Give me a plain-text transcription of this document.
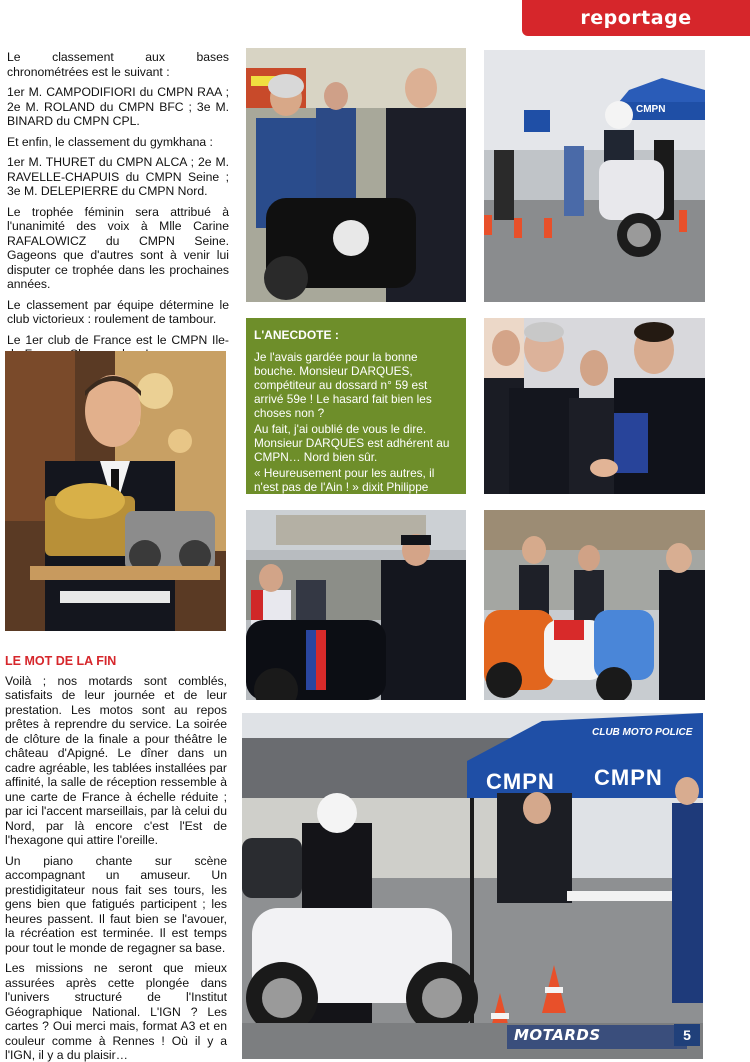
reportage

Le classement aux bases chronométrées est le suivant :

1er M. CAMPODIFIORI du CMPN RAA ; 2e M. ROLAND du CMPN BFC ; 3e M. BINARD du CMPN CPL.

Et enfin, le classement du gymkhana :

1er M. THURET du CMPN ALCA ; 2e M. RAVELLE-CHAPUIS du CMPN Seine ; 3e M. DELEPIERRE du CMPN Nord.

Le trophée féminin sera attribué à l'unanimité des voix à Mlle Carine RAFALOWICZ du CMPN Seine. Gageons que d'autres sont à venir lui disputer ce trophée dans les prochaines années.

Le classement par équipe détermine le club victorieux : roulement de tambour.

Le 1er club de France est le CMPN Ile-

LE MOT DE LA FIN

Voilà ; nos motards sont comblés, satisfaits de leur journée et de leur prestation. Les motos sont au repos prêtes à reprendre du service. La soirée de clôture de la finale a pour théâtre le château d'Apigné. Le dîner dans un cadre agréable, les tablées installées par affinité, la salle de réception ressemble à une carte de France à échelle réduite ; par ici l'accent marseillais, par là celui du Nord, par là encore c'est l'Est de l'hexagone qui attire l'oreille.

Un piano chante sur scène accompagnant un amuseur. Un prestidigitateur nous fait ses tours, les gens bien que fatigués participent ; les heures passent. Il faut bien se l'avouer, la récréation est terminée. Il est temps pour tout le monde de regagner sa base.

Les missions ne seront que mieux assurées après cette plongée dans l'univers structuré de l'Institut Géographique National. L'IGN ? Les cartes ? Oui merci mais, format A3 et en couleur comme à Rennes ! Où il y a l'IGN, il y a du plaisir…

CMPN
L'ANECDOTE :

Je l'avais gardée pour la bonne bouche. Monsieur DARQUES, compétiteur au dossard n° 59 est arrivé 59e ! Le hasard fait bien les choses non ?

Au fait, j'ai oublié de vous le dire. Monsieur DARQUES est adhérent au CMPN… Nord bien sûr.

« Heureusement pour les autres, il n'est pas de l'Ain ! » dixit Philippe PLOGER.

CLUB MOTO POLICE
CMPN CMPN
MOTARDS	5
